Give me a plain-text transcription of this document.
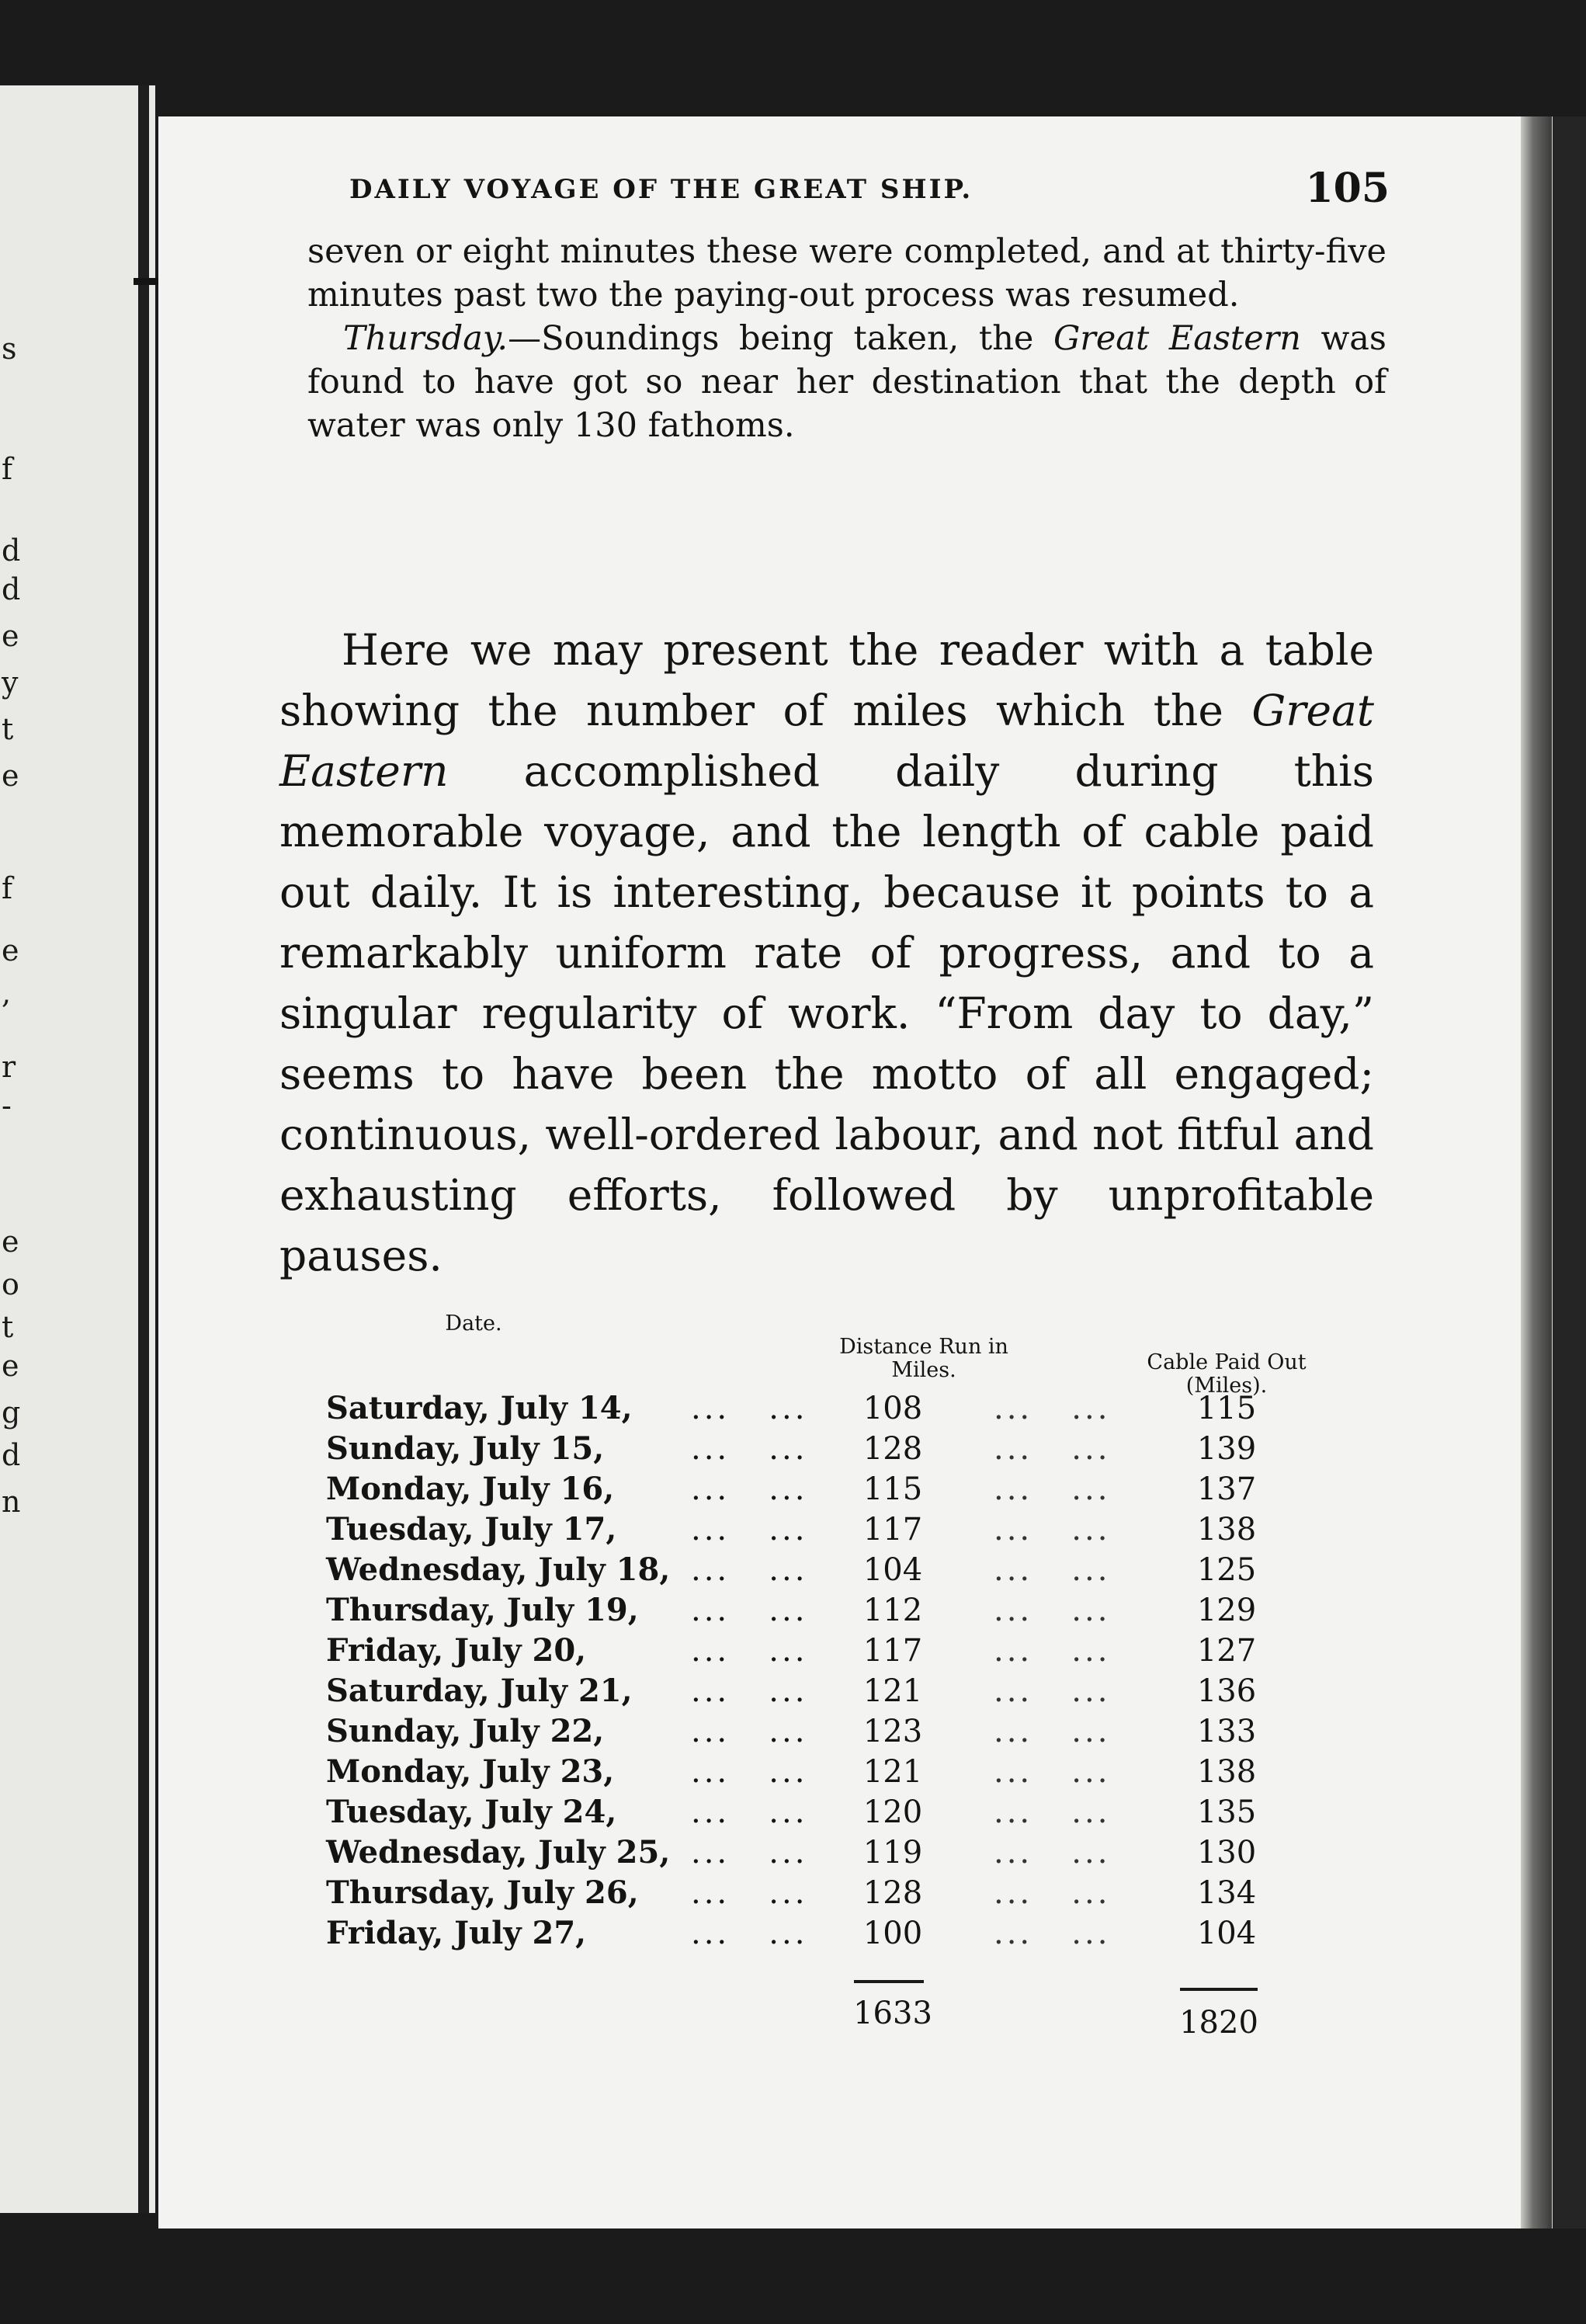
s
f
d
d
e
y
t
e
f
e
,
r
-
e
o
t
e
g
d
n
DAILY VOYAGE OF THE GREAT SHIP.	105

seven or eight minutes these were completed, and at thirty-five minutes past two the paying-out process was resumed.

Thursday.—Soundings being taken, the Great Eastern was found to have got so near her destination that the depth of water was only 130 fathoms.

Here we may present the reader with a table showing the number of miles which the Great Eastern accomplished daily during this memorable voyage, and the length of cable paid out daily. It is interesting, because it points to a remarkably uniform rate of progress, and to a singular regularity of work. “From day to day,” seems to have been the motto of all engaged; continuous, well-ordered labour, and not fitful and exhausting efforts, followed by unprofitable pauses.

Date.
Distance Run in Miles.	Cable Paid Out (Miles).
Saturday, July 14, ...   ...	108	...   ...	115
Sunday, July 15,	...   ...	128	...   ...	139
Monday, July 16, ...   ...	115	...   ...	137
Tuesday, July 17, ...   ...	117	...   ...	138
Wednesday, July 18, ...   ...	104	...   ...	125
Thursday, July 19, ...   ...	112	...   ...	129
Friday, July 20,	...   ...	117	...   ...	127
Saturday, July 21, ...   ...	121	...   ...	136
Sunday, July 22,	...   ...	123	...   ...	133
Monday, July 23, ...   ...	121	...   ...	138
Tuesday, July 24, ...   ...	120	...   ...	135
Wednesday, July 25, ...   ...	119	...   ...	130
Thursday, July 26, ...   ...	128	...   ...	134
Friday, July 27,	...   ...	100	...   ...	104
1633	1820
